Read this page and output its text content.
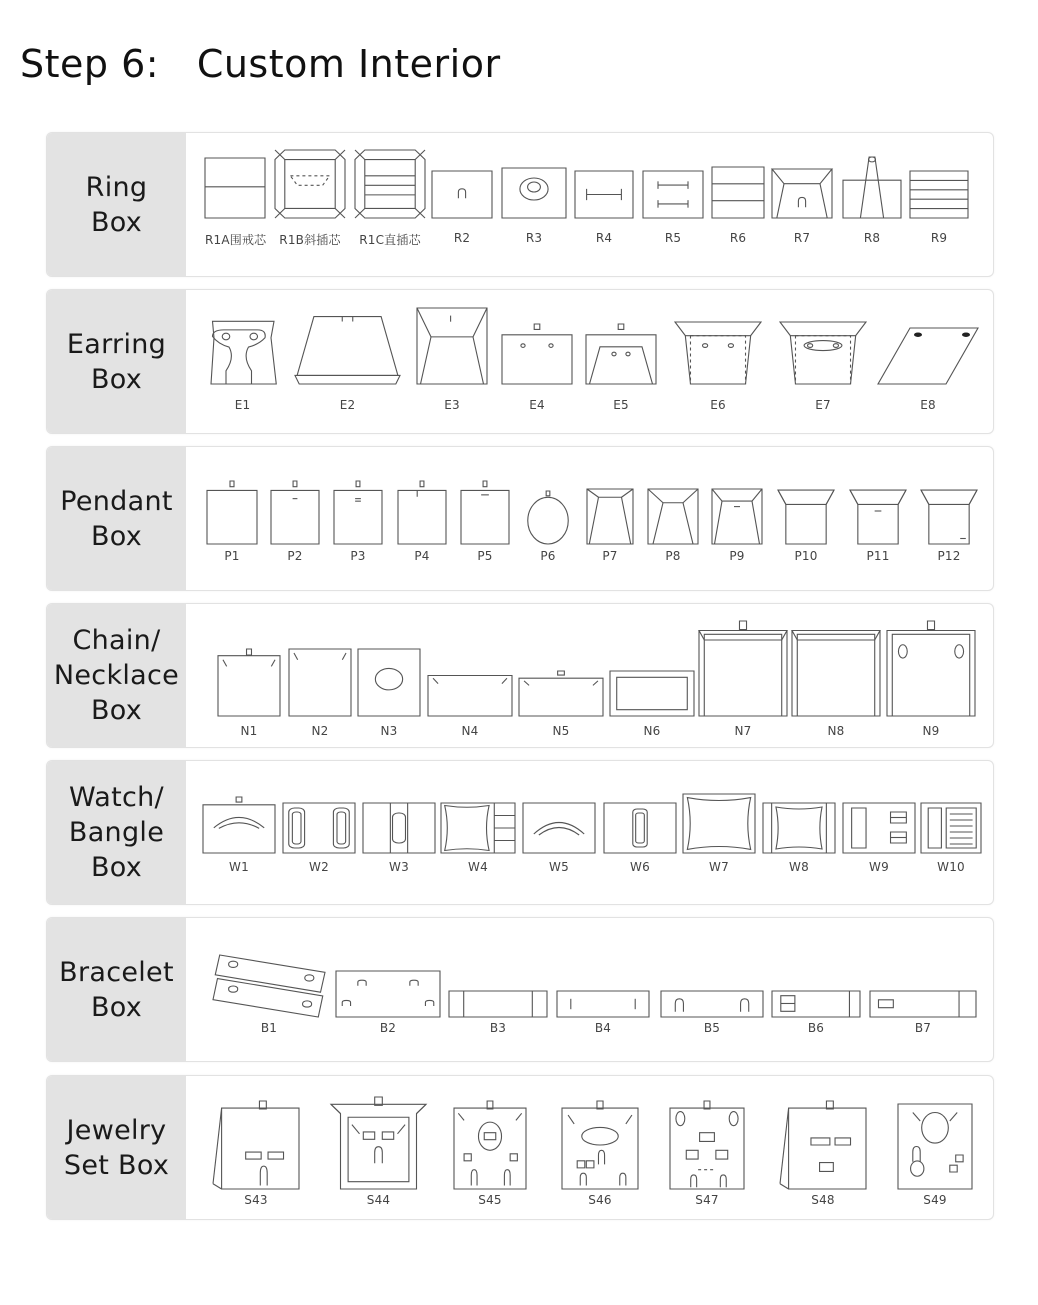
Step 6:   Custom Interior
Ring
Box
R1A围戒芯	R1B斜插芯	R1C直插芯	R2	R3	R4	R5	R6	R7	R8	R9
Earring
Box
E1	E2	E3	E4	E5	E6	E7	E8
Pendant
Box
P1	P2	P3	P4	P5	P6	P7	P8	P9	P10	P11	P12
Chain/
Necklace
Box
N1	N2	N3	N4	N5	N6	N7	N8	N9
Watch/
Bangle
Box	W1	W2	W3	W4	W5	W6	W7	W8	W9	W10
Bracelet
Box
B1	B2	B3	B4	B5	B6	B7
Jewelry
Set Box
S43	S44	S45	S46	S47	S48	S49
